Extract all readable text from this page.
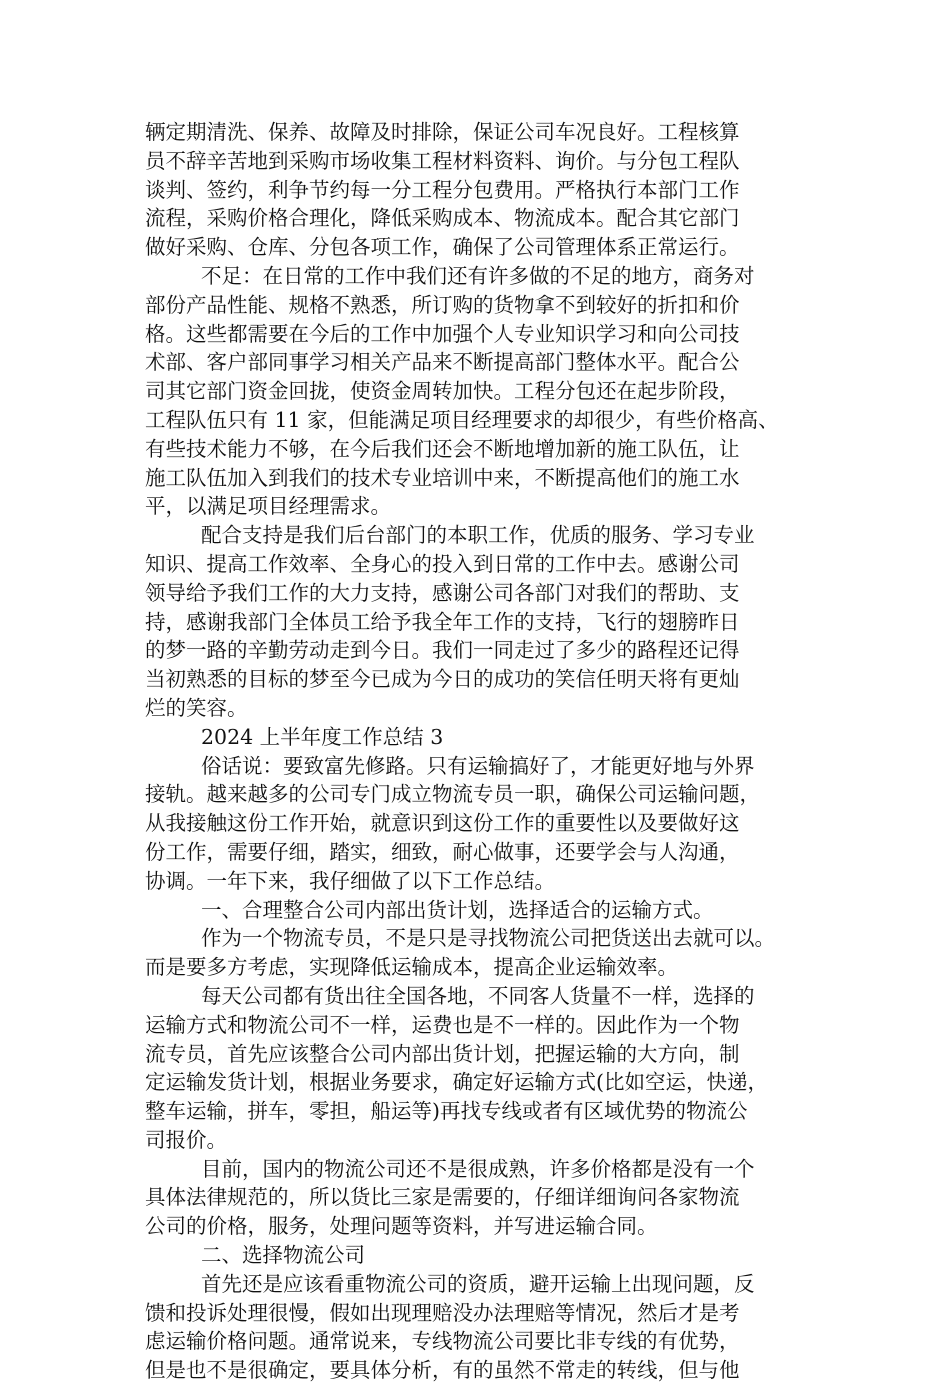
辆定期清洗、保养、故障及时排除，保证公司车况良好。工程核算
员不辞辛苦地到采购市场收集工程材料资料、询价。与分包工程队
谈判、签约，利争节约每一分工程分包费用。严格执行本部门工作
流程，采购价格合理化，降低采购成本、物流成本。配合其它部门
做好采购、仓库、分包各项工作，确保了公司管理体系正常运行。
不足：在日常的工作中我们还有许多做的不足的地方，商务对
部份产品性能、规格不熟悉，所订购的货物拿不到较好的折扣和价
格。这些都需要在今后的工作中加强个人专业知识学习和向公司技
术部、客户部同事学习相关产品来不断提高部门整体水平。配合公
司其它部门资金回拢，使资金周转加快。工程分包还在起步阶段，
工程队伍只有 11 家，但能满足项目经理要求的却很少，有些价格高、
有些技术能力不够，在今后我们还会不断地增加新的施工队伍，让
施工队伍加入到我们的技术专业培训中来，不断提高他们的施工水
平，以满足项目经理需求。
配合支持是我们后台部门的本职工作，优质的服务、学习专业
知识、提高工作效率、全身心的投入到日常的工作中去。感谢公司
领导给予我们工作的大力支持，感谢公司各部门对我们的帮助、支
持，感谢我部门全体员工给予我全年工作的支持，飞行的翅膀昨日
的梦一路的辛勤劳动走到今日。我们一同走过了多少的路程还记得
当初熟悉的目标的梦至今已成为今日的成功的笑信任明天将有更灿
烂的笑容。
2024 上半年度工作总结 3
俗话说：要致富先修路。只有运输搞好了，才能更好地与外界
接轨。越来越多的公司专门成立物流专员一职，确保公司运输问题，
从我接触这份工作开始，就意识到这份工作的重要性以及要做好这
份工作，需要仔细，踏实，细致，耐心做事，还要学会与人沟通，
协调。一年下来，我仔细做了以下工作总结。
一、合理整合公司内部出货计划，选择适合的运输方式。
作为一个物流专员，不是只是寻找物流公司把货送出去就可以。
而是要多方考虑，实现降低运输成本，提高企业运输效率。
每天公司都有货出往全国各地，不同客人货量不一样，选择的
运输方式和物流公司不一样，运费也是不一样的。因此作为一个物
流专员，首先应该整合公司内部出货计划，把握运输的大方向，制
定运输发货计划，根据业务要求，确定好运输方式(比如空运，快递，
整车运输，拼车，零担，船运等)再找专线或者有区域优势的物流公
司报价。
目前，国内的物流公司还不是很成熟，许多价格都是没有一个
具体法律规范的，所以货比三家是需要的，仔细详细询问各家物流
公司的价格，服务，处理问题等资料，并写进运输合同。
二、选择物流公司
首先还是应该看重物流公司的资质，避开运输上出现问题，反
馈和投诉处理很慢，假如出现理赔没办法理赔等情况，然后才是考
虑运输价格问题。通常说来，专线物流公司要比非专线的有优势，
但是也不是很确定，要具体分析，有的虽然不常走的转线，但与他
